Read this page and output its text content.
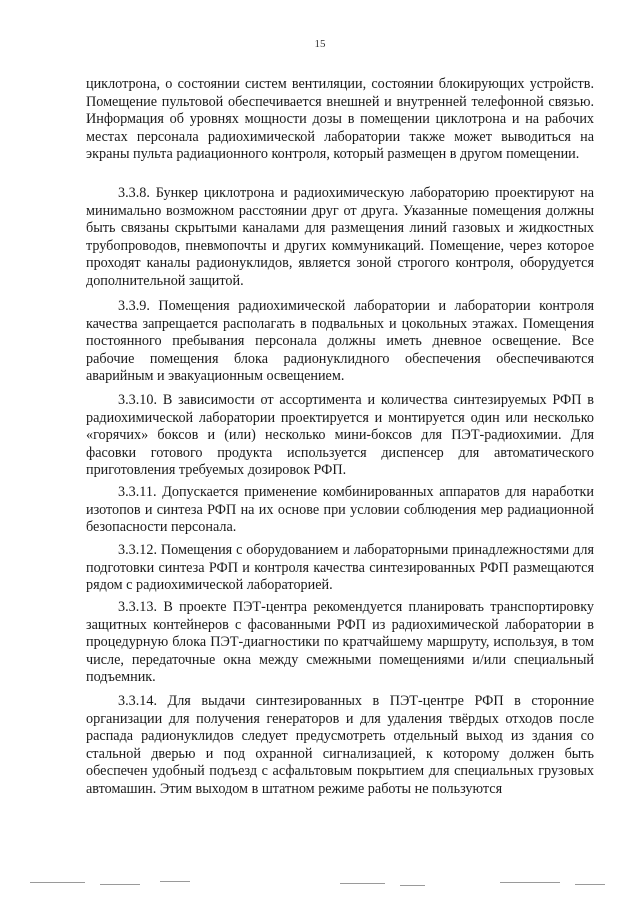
15

циклотрона, о состоянии систем вентиляции, состоянии блокирующих устройств. Помещение пультовой обеспечивается внешней и внутренней телефонной связью. Информация об уровнях мощности дозы в помещении циклотрона и на рабочих местах персонала радиохимической лаборатории также может выводиться на экраны пульта радиационного контроля, который размещен в другом помещении.

3.3.8. Бункер циклотрона и радиохимическую лабораторию проектируют на минимально возможном расстоянии друг от друга. Указанные помещения должны быть связаны скрытыми каналами для размещения линий газовых и жидкостных трубопроводов, пневмопочты и других коммуникаций. Помещение, через которое проходят каналы радионуклидов, является зоной строгого контроля, оборудуется дополнительной защитой.

3.3.9. Помещения радиохимической лаборатории и лаборатории контроля качества запрещается располагать в подвальных и цокольных этажах. Помещения постоянного пребывания персонала должны иметь дневное освещение. Все рабочие помещения блока радионуклидного обеспечения обеспечиваются аварийным и эвакуационным освещением.

3.3.10. В зависимости от ассортимента и количества синтезируемых РФП в радиохимической лаборатории проектируется и монтируется один или несколько «горячих» боксов и (или) несколько мини-боксов для ПЭТ-радиохимии. Для фасовки готового продукта используется диспенсер для автоматического приготовления требуемых дозировок РФП.

3.3.11. Допускается применение комбинированных аппаратов для наработки изотопов и синтеза РФП на их основе при условии соблюдения мер радиационной безопасности персонала.

3.3.12. Помещения с оборудованием и лабораторными принадлежностями для подготовки синтеза РФП и контроля качества синтезированных РФП размещаются рядом с радиохимической лабораторией.

3.3.13. В проекте ПЭТ-центра рекомендуется планировать транспортировку защитных контейнеров с фасованными РФП из радиохимической лаборатории в процедурную блока ПЭТ-диагностики по кратчайшему маршруту, используя, в том числе, передаточные окна между смежными помещениями и/или специальный подъемник.

3.3.14. Для выдачи синтезированных в ПЭТ-центре РФП в сторонние организации для получения генераторов и для удаления твёрдых отходов после распада радионуклидов следует предусмотреть отдельный выход из здания со стальной дверью и под охранной сигнализацией, к которому должен быть обеспечен удобный подъезд с асфальтовым покрытием для специальных грузовых автомашин. Этим выходом в штатном режиме работы не пользуются
